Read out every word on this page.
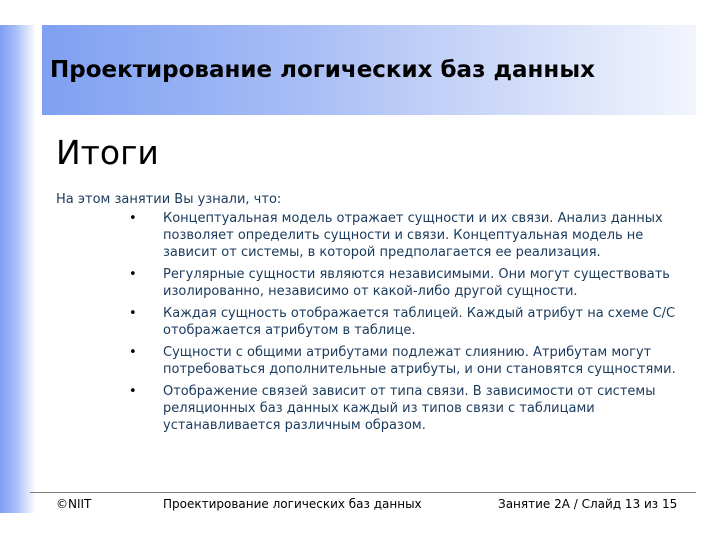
Проектирование логических баз данных
Итоги
На этом занятии Вы узнали, что:
• Концептуальная модель отражает сущности и их связи. Анализ данных позволяет определить сущности и связи. Концептуальная модель не зависит от системы, в которой предполагается ее реализация.
• Регулярные сущности являются независимыми. Они могут существовать изолированно, независимо от какой-либо другой сущности.
• Каждая сущность отображается таблицей. Каждый атрибут на схеме С/С отображается атрибутом в таблице.
• Сущности с общими атрибутами подлежат слиянию. Атрибутам могут потребоваться дополнительные атрибуты, и они становятся сущностями.
• Отображение связей зависит от типа связи. В зависимости от системы реляционных баз данных каждый из типов связи с таблицами устанавливается различным образом.
©NIIT	Проектирование логических баз данных	Занятие 2A / Слайд 13 из 15
